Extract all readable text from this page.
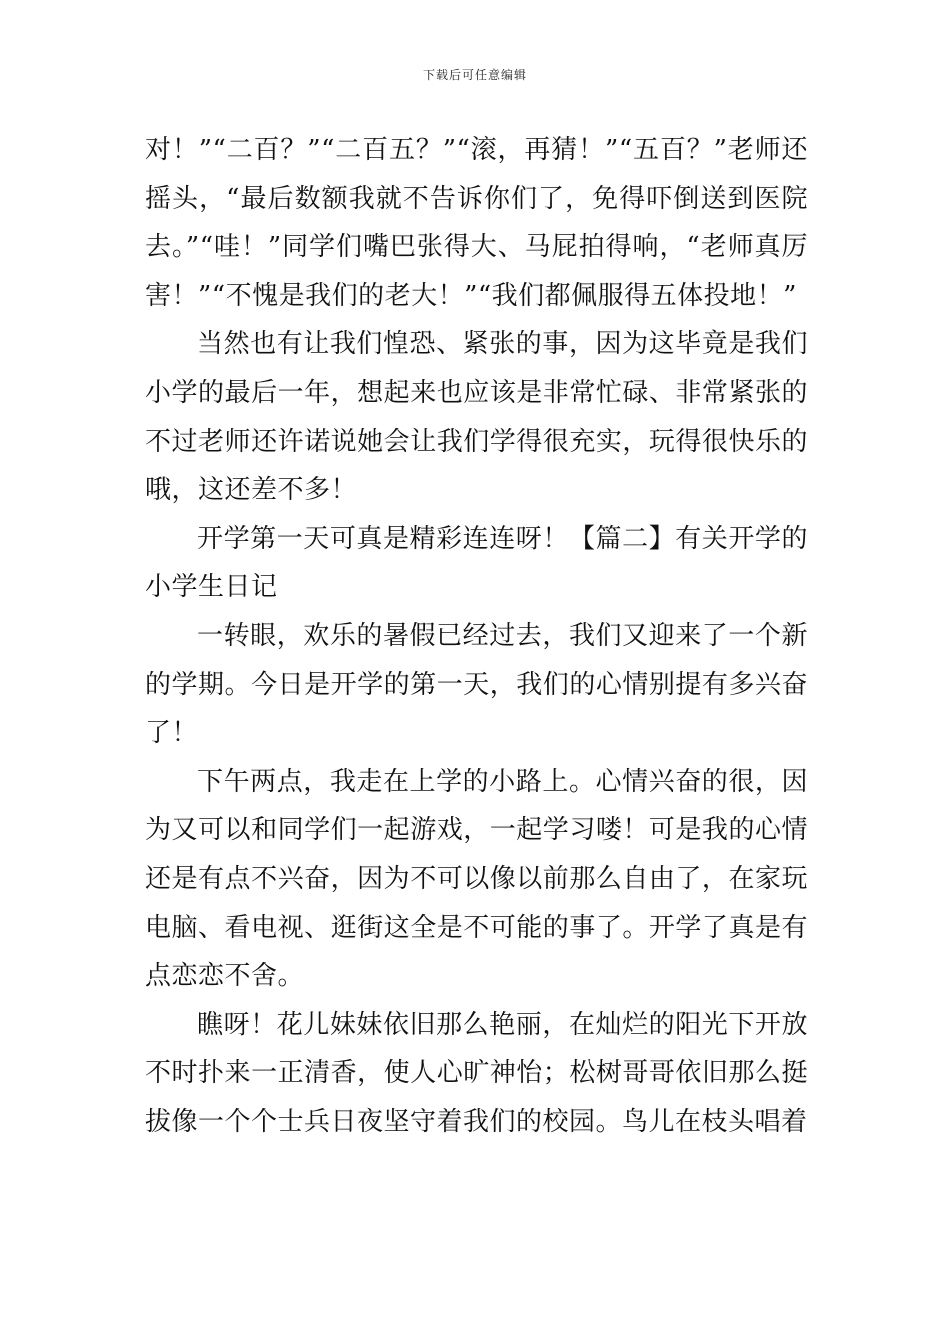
下载后可任意编辑

对！”“二百？”“二百五？”“滚，再猜！”“五百？”老师还摇头，“最后数额我就不告诉你们了，免得吓倒送到医院去。”“哇！”同学们嘴巴张得大、马屁拍得响，“老师真厉害！”“不愧是我们的老大！”“我们都佩服得五体投地！”

当然也有让我们惶恐、紧张的事，因为这毕竟是我们小学的最后一年，想起来也应该是非常忙碌、非常紧张的不过老师还许诺说她会让我们学得很充实，玩得很快乐的哦，这还差不多！

开学第一天可真是精彩连连呀！【篇二】有关开学的小学生日记

一转眼，欢乐的暑假已经过去，我们又迎来了一个新的学期。今日是开学的第一天，我们的心情别提有多兴奋了！

下午两点，我走在上学的小路上。心情兴奋的很，因为又可以和同学们一起游戏，一起学习喽！可是我的心情还是有点不兴奋，因为不可以像以前那么自由了，在家玩电脑、看电视、逛街这全是不可能的事了。开学了真是有点恋恋不舍。

瞧呀！花儿妹妹依旧那么艳丽，在灿烂的阳光下开放不时扑来一正清香，使人心旷神怡；松树哥哥依旧那么挺拔像一个个士兵日夜坚守着我们的校园。鸟儿在枝头唱着
